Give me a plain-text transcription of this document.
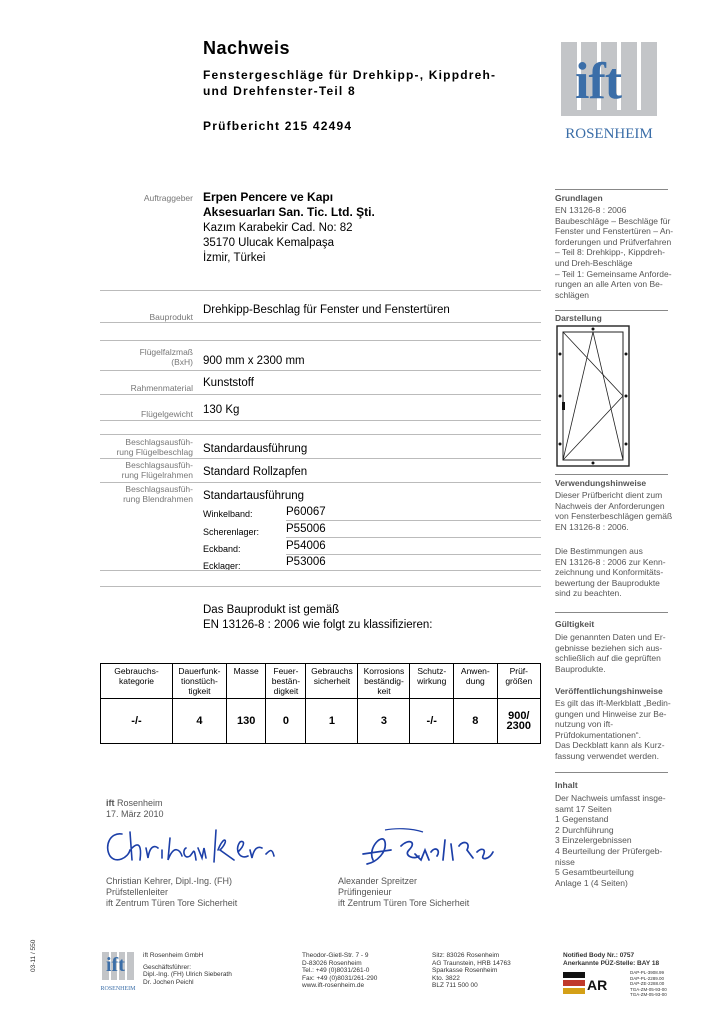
Nachweis
Fenstergeschläge für Drehkipp-, Kippdreh-
und Drehfenster-Teil 8
Prüfbericht 215 42494
ift
ROSENHEIM
Auftraggeber Erpen Pencere ve Kapı
Aksesuarları San. Tic. Ltd. Şti.
Kazım Karabekir Cad. No: 82
35170 Ulucak Kemalpaşa
İzmir, Türkei
Bauprodukt
Drehkipp-Beschlag für Fenster und Fenstertüren
Flügelfalzmaß
(BxH) 900 mm x 2300 mm
Rahmenmaterial Kunststoff
Flügelgewicht 130 Kg
Beschlagsausfüh-
rung Flügelbeschlag Standardausführung
Beschlagsausfüh-
rung Flügelrahmen Standard Rollzapfen
Beschlagsausfüh-
rung Blendrahmen Standartausführung
Winkelband:	P60067
Scherenlager: P55006
Eckband:	P54006
Ecklager:	P53006
Das Bauprodukt ist gemäß
EN 13126-8 : 2006 wie folgt zu klassifizieren:
Gebrauchs-
kategorie	Dauerfunk-
tionstüch-
tigkeit	Masse	Feuer-
bestän-
digkeit	Gebrauchs
sicherheit	Korrosions
beständig-
keit	Schutz-
wirkung	Anwen-
dung	Prüf-
größen
-/-	4	130	0	1	3	-/-	8	900/
2300
ift Rosenheim
17. März 2010
Christian Kehrer, Dipl.-Ing. (FH)
Prüfstellenleiter
ift Zentrum Türen Tore Sicherheit
Alexander Spreitzer
Prüfingenieur
ift Zentrum Türen Tore Sicherheit
Grundlagen
EN 13126-8 : 2006
Baubeschläge – Beschläge für
Fenster und Fenstertüren – An-
forderungen und Prüfverfahren
– Teil 8: Drehkipp-, Kippdreh-
und Dreh-Beschläge
– Teil 1: Gemeinsame Anforde-
rungen an alle Arten von Be-
schlägen
Darstellung
Verwendungshinweise
Dieser Prüfbericht dient zum
Nachweis der Anforderungen
von Fensterbeschlägen gemäß
EN 13126-8 : 2006.
Die Bestimmungen aus
EN 13126-8 : 2006 zur Kenn-
zeichnung und Konformitäts-
bewertung der Bauprodukte
sind zu beachten.
Gültigkeit
Die genannten Daten und Er-
gebnisse beziehen sich aus-
schließlich auf die geprüften
Bauprodukte.
Veröffentlichungshinweise
Es gilt das ift-Merkblatt „Bedin-
gungen und Hinweise zur Be-
nutzung von ift-
Prüfdokumentationen“.
Das Deckblatt kann als Kurz-
fassung verwendet werden.
Inhalt
Der Nachweis umfasst insge-
samt 17 Seiten
1 Gegenstand
2 Durchführung
3 Einzelergebnissen
4 Beurteilung der Prüfergeb-
nisse
5 Gesamtbeurteilung
Anlage 1 (4 Seiten)
03-11 / 550	ift
ROSENHEIM
ift Rosenheim GmbH
Geschäftsführer:
Dipl.-Ing. (FH) Ulrich Sieberath
Dr. Jochen Peichl
Theodor-Gietl-Str. 7 - 9
D-83026 Rosenheim
Tel.: +49 (0)8031/261-0
Fax: +49 (0)8031/261-290
www.ift-rosenheim.de
Sitz: 83026 Rosenheim
AG Traunstein, HRB 14763
Sparkasse Rosenheim
Kto. 3822
BLZ 711 500 00
Notified Body Nr.: 0757
Anerkannte PÜZ-Stelle: BAY 18
AR
DAP-PL-3908.99
DAP-PL-2289.00
DAP-ZE-2288.00
TGA-ZM-05-93-00
TGA-ZM-05-93-00
